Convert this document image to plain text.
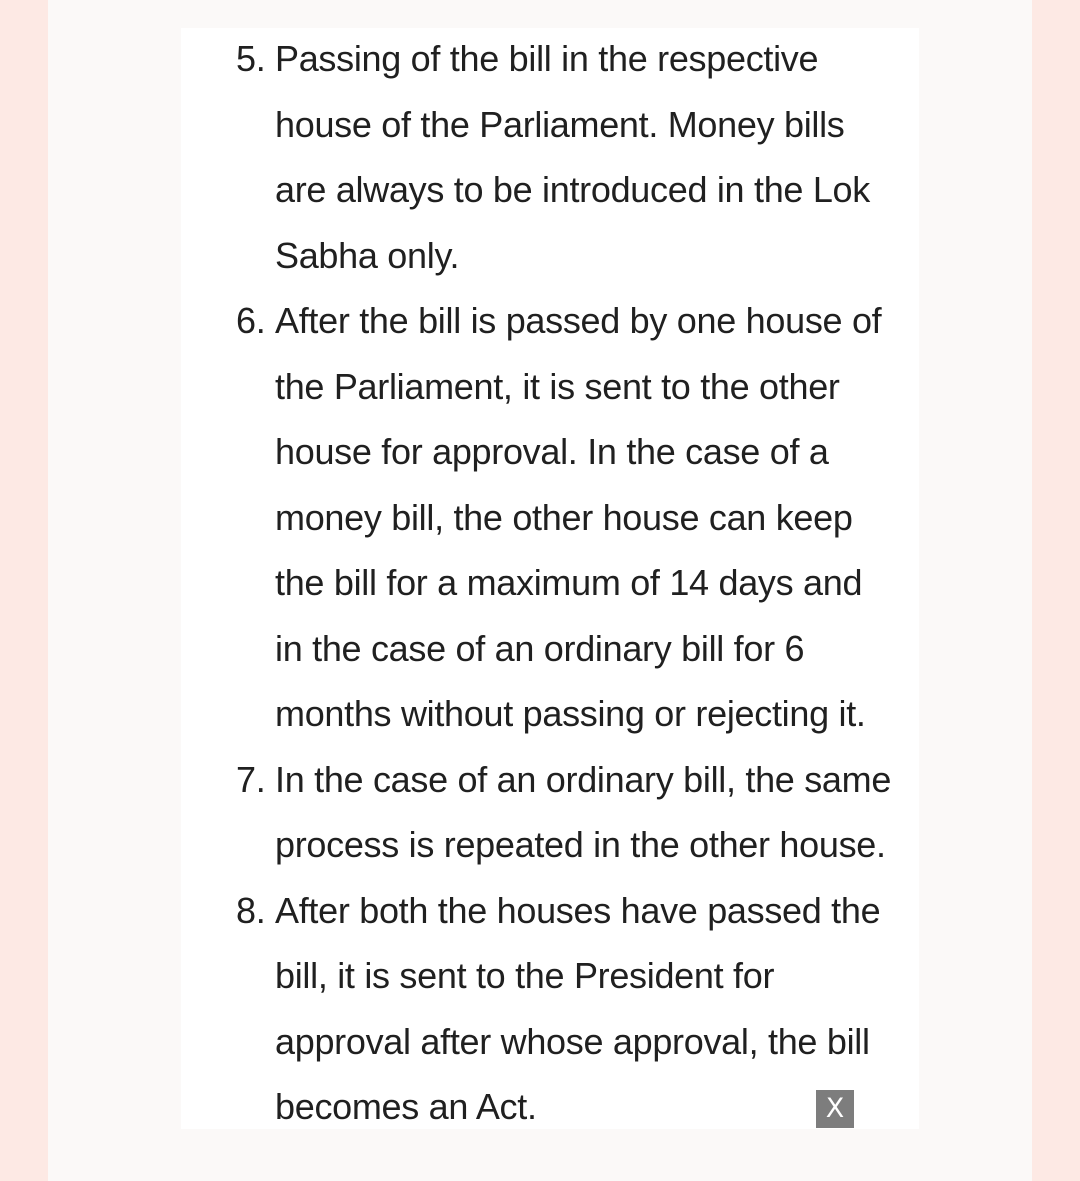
5. Passing of the bill in the respective
house of the Parliament. Money bills
are always to be introduced in the Lok
Sabha only.
6. After the bill is passed by one house of
the Parliament, it is sent to the other
house for approval. In the case of a
money bill, the other house can keep
the bill for a maximum of 14 days and
in the case of an ordinary bill for 6
months without passing or rejecting it.
7. In the case of an ordinary bill, the same
process is repeated in the other house.
8. After both the houses have passed the
bill, it is sent to the President for
approval after whose approval, the bill
becomes an Act.	X
